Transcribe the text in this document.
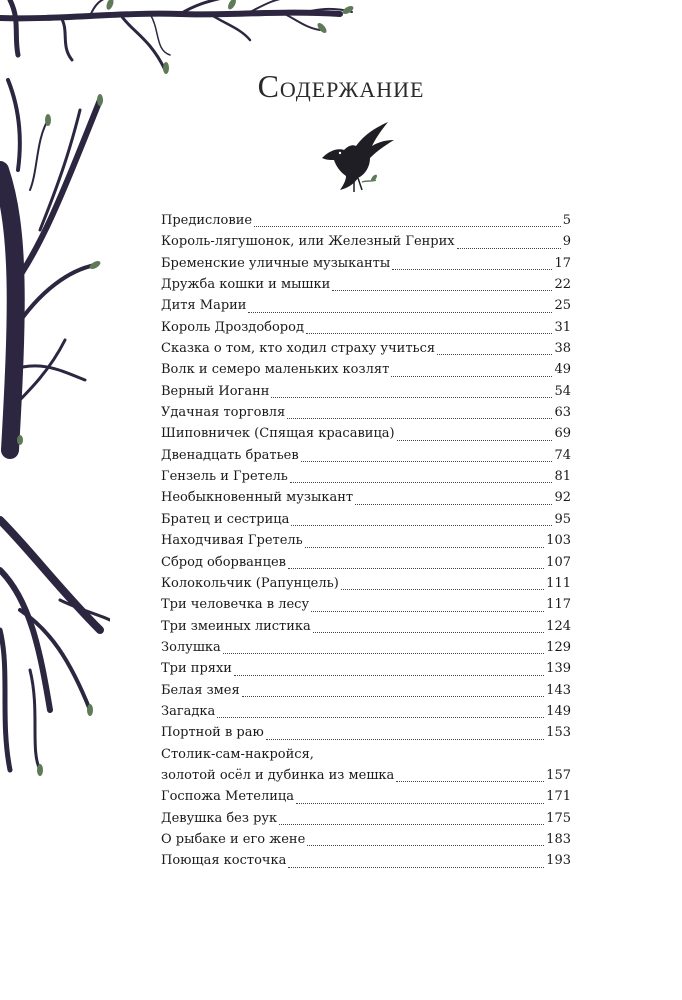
Содержание
Предисловие	5
Король-лягушонок, или Железный Генрих	9
Бременские уличные музыканты	17
Дружба кошки и мышки	22
Дитя Марии	25
Король Дроздобород	31
Сказка о том, кто ходил страху учиться	38
Волк и семеро маленьких козлят	49
Верный Иоганн	54
Удачная торговля	63
Шиповничек (Спящая красавица)	69
Двенадцать братьев	74
Гензель и Гретель	81
Необыкновенный музыкант	92
Братец и сестрица	95
Находчивая Гретель	103
Сброд оборванцев	107
Колокольчик (Рапунцель)	111
Три человечка в лесу	117
Три змеиных листика	124
Золушка	129
Три пряхи	139
Белая змея	143
Загадка	149
Портной в раю	153
Столик-сам-накройся,
золотой осёл и дубинка из мешка	157
Госпожа Метелица	171
Девушка без рук	175
О рыбаке и его жене	183
Поющая косточка	193
